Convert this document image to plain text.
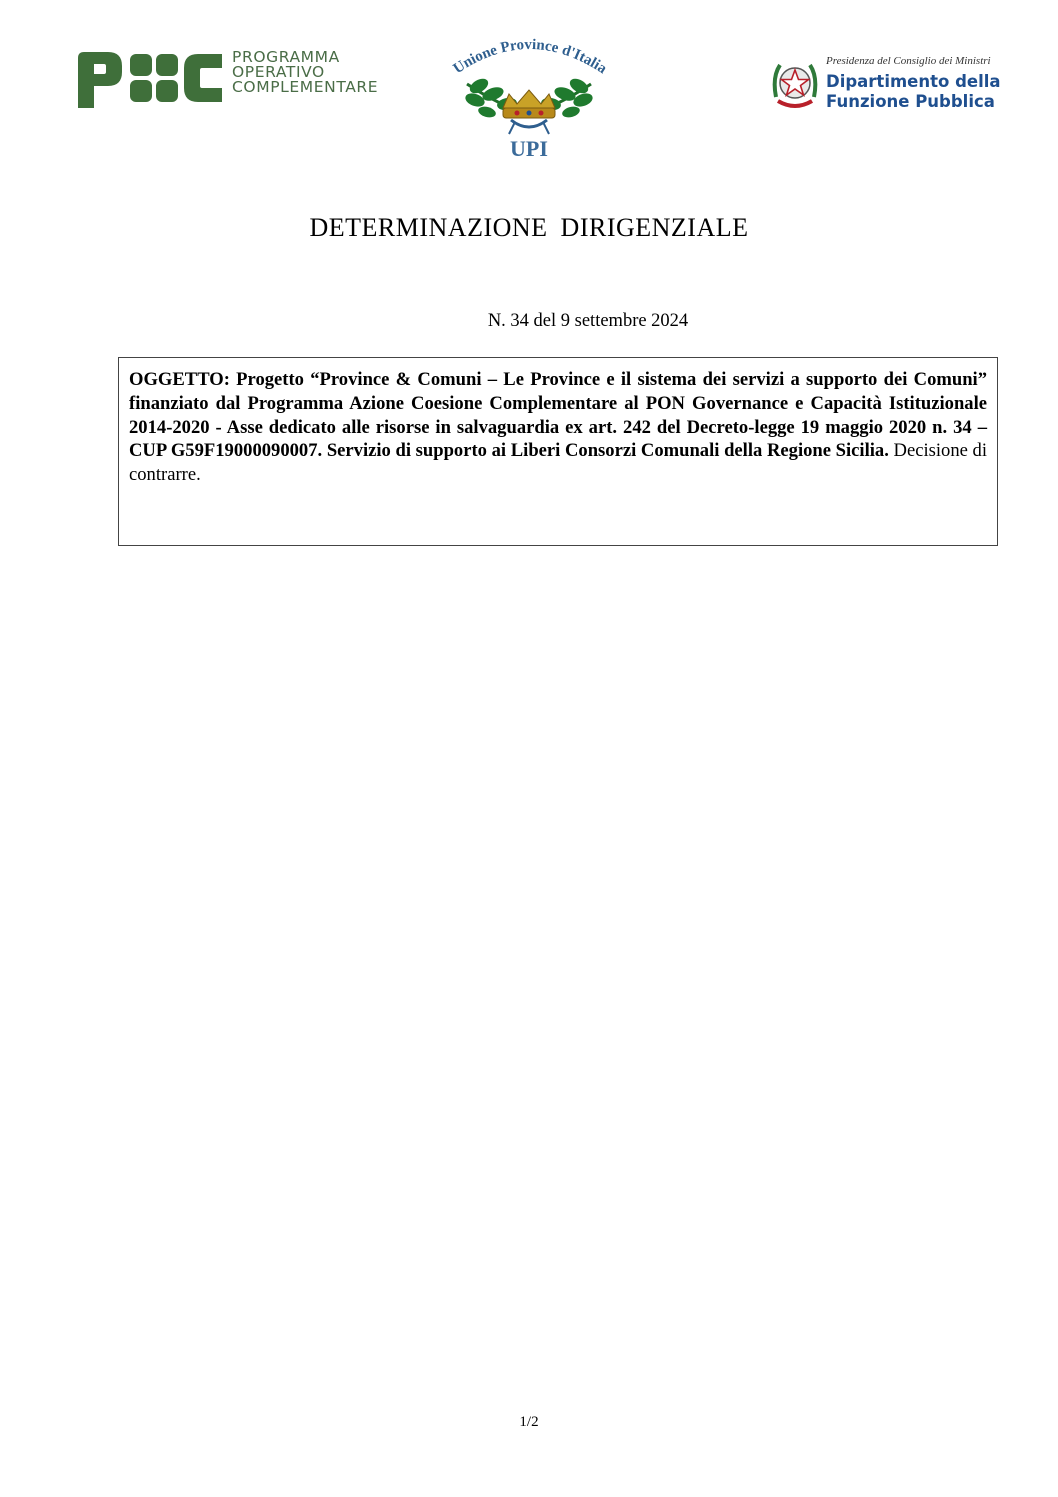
PROGRAMMA
OPERATIVO
COMPLEMENTARE
Unione Province d'Italia
UPI
Presidenza del Consiglio dei Ministri
Dipartimento della
Funzione Pubblica
DETERMINAZIONE DIRIGENZIALE
N. 34 del 9 settembre 2024

OGGETTO: Progetto “Province & Comuni – Le Province e il sistema dei servizi a supporto dei Comuni” finanziato dal Programma Azione Coesione Complementare al PON Governance e Capacità Istituzionale 2014-2020 - Asse dedicato alle risorse in salvaguardia ex art. 242 del Decreto-legge 19 maggio 2020 n. 34 – CUP G59F19000090007. Servizio di supporto ai Liberi Consorzi Comunali della Regione Sicilia. Decisione di contrarre.

1/2
